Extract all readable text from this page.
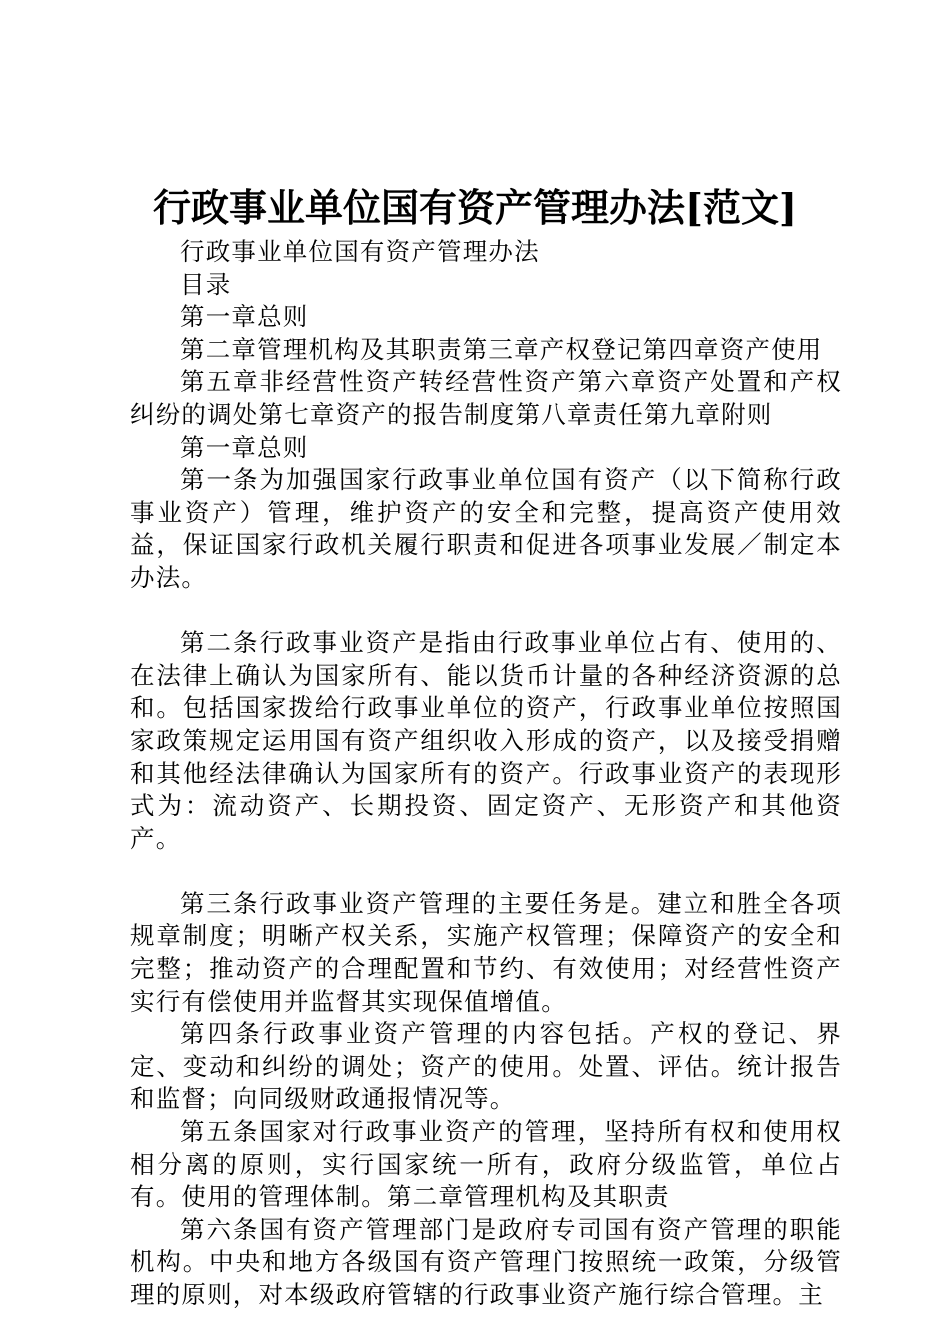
行政事业单位国有资产管理办法[范文]

行政事业单位国有资产管理办法

目录

第一章总则

第二章管理机构及其职责第三章产权登记第四章资产使用

第五章非经营性资产转经营性资产第六章资产处置和产权纠纷的调处第七章资产的报告制度第八章责任第九章附则

第一章总则

第一条为加强国家行政事业单位国有资产（以下简称行政事业资产）管理，维护资产的安全和完整，提高资产使用效益，保证国家行政机关履行职责和促进各项事业发展／制定本办法。

第二条行政事业资产是指由行政事业单位占有、使用的、在法律上确认为国家所有、能以货币计量的各种经济资源的总和。包括国家拨给行政事业单位的资产，行政事业单位按照国家政策规定运用国有资产组织收入形成的资产，以及接受捐赠和其他经法律确认为国家所有的资产。行政事业资产的表现形式为：流动资产、长期投资、固定资产、无形资产和其他资产。

第三条行政事业资产管理的主要任务是。建立和胜全各项规章制度；明晰产权关系，实施产权管理；保障资产的安全和完整；推动资产的合理配置和节约、有效使用；对经营性资产实行有偿使用并监督其实现保值增值。

第四条行政事业资产管理的内容包括。产权的登记、界定、变动和纠纷的调处；资产的使用。处置、评估。统计报告和监督；向同级财政通报情况等。

第五条国家对行政事业资产的管理，坚持所有权和使用权相分离的原则，实行国家统一所有，政府分级监管，单位占有。使用的管理体制。第二章管理机构及其职责

第六条国有资产管理部门是政府专司国有资产管理的职能机构。中央和地方各级国有资产管理门按照统一政策，分级管理的原则，对本级政府管辖的行政事业资产施行综合管理。主
